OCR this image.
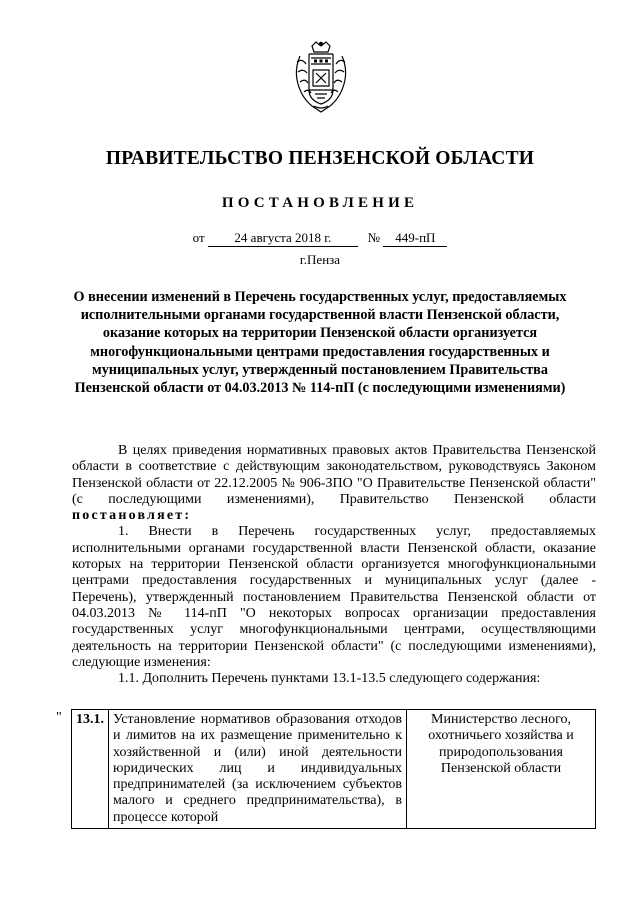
ПРАВИТЕЛЬСТВО ПЕНЗЕНСКОЙ ОБЛАСТИ
ПОСТАНОВЛЕНИЕ
от 24 августа 2018 г.	№ 449-пП
г.Пенза
О внесении изменений в Перечень государственных услуг, предоставляемых исполнительными органами государственной власти Пензенской области, оказание которых на территории Пензенской области организуется многофункциональными центрами предоставления государственных и муниципальных услуг, утвержденный постановлением Правительства Пензенской области от 04.03.2013 № 114-пП (с последующими изменениями)

В целях приведения нормативных правовых актов Правительства Пензенской области в соответствие с действующим законодательством, руководствуясь Законом Пензенской области от 22.12.2005 № 906-ЗПО "О Правительстве Пензенской области" (с последующими изменениями), Правительство Пензенской области постановляет:

1. Внести в Перечень государственных услуг, предоставляемых исполнительными органами государственной власти Пензенской области, оказание которых на территории Пензенской области организуется многофункциональными центрами предоставления государственных и муниципальных услуг (далее - Перечень), утвержденный постановлением Правительства Пензенской области от 04.03.2013 № 114-пП "О некоторых вопросах организации предоставления государственных услуг многофункциональными центрами, осуществляющими деятельность на территории Пензенской области" (с последующими изменениями), следующие изменения:

1.1. Дополнить Перечень пунктами 13.1-13.5 следующего содержания:

" 13.1.	Установление нормативов образования отходов и лимитов на их размещение применительно к хозяйственной и (или) иной деятельности юридических лиц и индивидуальных предпринимателей (за исключением субъектов малого и среднего предпринимательства), в процессе которой	Министерство лесного, охотничьего хозяйства и природопользования Пензенской области
